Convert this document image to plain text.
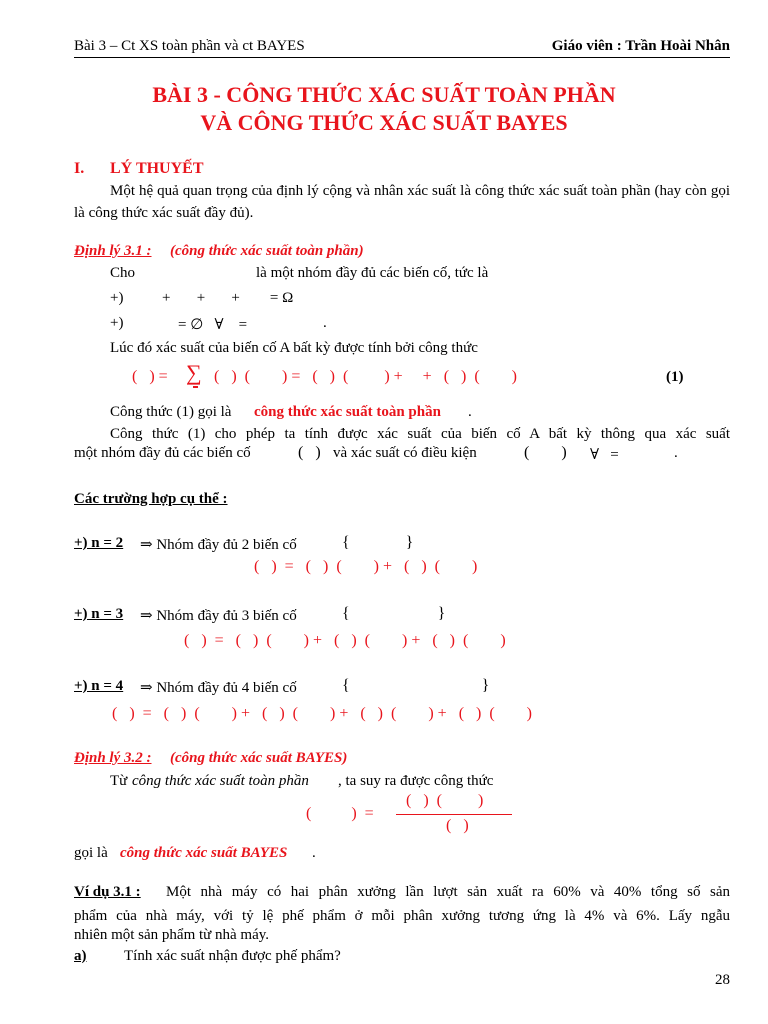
Bài 3 – Ct XS toàn phần và ct BAYES	Giáo viên : Trần Hoài Nhân
BÀI 3 - CÔNG THỨC XÁC SUẤT TOÀN PHẦN
VÀ CÔNG THỨC XÁC SUẤT BAYES
I. LÝ THUYẾT
Một hệ quả quan trọng của định lý cộng và nhân xác suất là công thức xác suất toàn phần (hay còn gọi là công thức xác suất đầy đủ).
Định lý 3.1 : (công thức xác suất toàn phần)
Cho	là một nhóm đầy đủ các biến cố, tức là
+)	+       +       +        = Ω
+)	= ∅   ∀    =	.
Lúc đó xác suất của biến cố A bất kỳ được tính bởi công thức
(   ) = ∑ (   )  (        ) =   (   )  (         ) +     +   (   )  (        )	(1)
Công thức (1) gọi là công thức xác suất toàn phần .
Công thức (1) cho phép ta tính được xác suất của biến cố A bất kỳ thông qua xác suất
một nhóm đầy đủ các biến cố	(   ) và xác suất có điều kiện	(        ) ∀   =	.
Các trường hợp cụ thể :
+) n = 2 ⇒ Nhóm đầy đủ 2 biến cố	{              }
(   )  =   (   )  (        ) +   (   )  (        )
+) n = 3 ⇒ Nhóm đầy đủ 3 biến cố	{                      }
(   )  =   (   )  (        ) +   (   )  (        ) +   (   )  (        )
+) n = 4 ⇒ Nhóm đầy đủ 4 biến cố	{                                 }
(   )  =   (   )  (        ) +   (   )  (        ) +   (   )  (        ) +   (   )  (        )
Định lý 3.2 : (công thức xác suất BAYES)
Từ công thức xác suất toàn phần , ta suy ra được công thức
(          )  =
(   )  (         )
(   )
gọi là công thức xác suất BAYES .
Ví dụ 3.1 : Một nhà máy có hai phân xưởng lần lượt sản xuất ra 60% và 40% tổng số sản
phẩm của nhà máy, với tỷ lệ phế phẩm ở mỗi phân xưởng tương ứng là 4% và 6%. Lấy ngẫu
nhiên một sản phẩm từ nhà máy.
a)	Tính xác suất nhận được phế phẩm?
28
